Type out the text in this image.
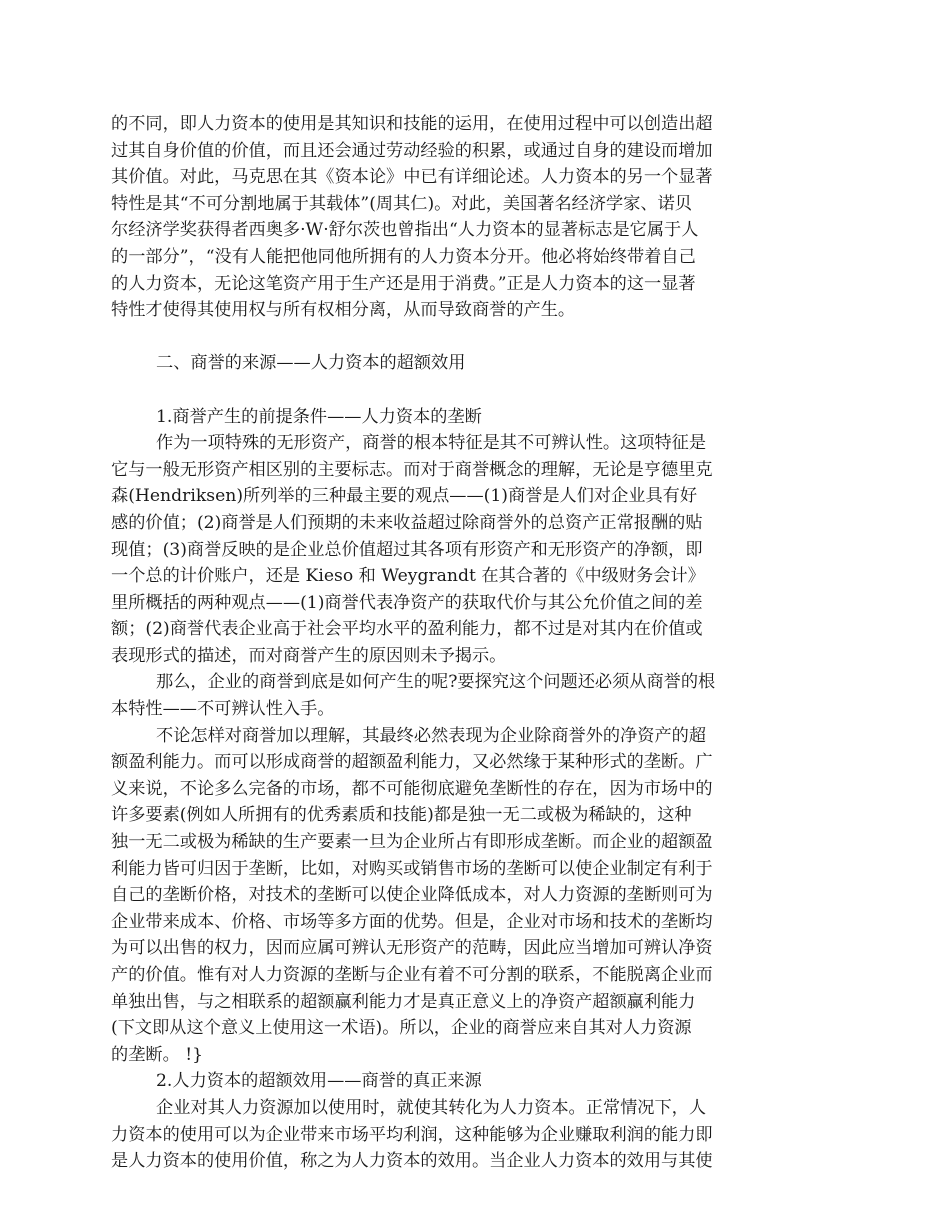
的不同，即人力资本的使用是其知识和技能的运用，在使用过程中可以创造出超
过其自身价值的价值，而且还会通过劳动经验的积累，或通过自身的建设而增加
其价值。对此，马克思在其《资本论》中已有详细论述。人力资本的另一个显著
特性是其“不可分割地属于其载体”(周其仁)。对此，美国著名经济学家、诺贝
尔经济学奖获得者西奥多·W·舒尔茨也曾指出“人力资本的显著标志是它属于人
的一部分”，“没有人能把他同他所拥有的人力资本分开。他必将始终带着自己
的人力资本，无论这笔资产用于生产还是用于消费。”正是人力资本的这一显著
特性才使得其使用权与所有权相分离，从而导致商誉的产生。
二、商誉的来源——人力资本的超额效用
1.商誉产生的前提条件——人力资本的垄断
作为一项特殊的无形资产，商誉的根本特征是其不可辨认性。这项特征是
它与一般无形资产相区别的主要标志。而对于商誉概念的理解，无论是亨德里克
森(Hendriksen)所列举的三种最主要的观点——(1)商誉是人们对企业具有好
感的价值；(2)商誉是人们预期的未来收益超过除商誉外的总资产正常报酬的贴
现值；(3)商誉反映的是企业总价值超过其各项有形资产和无形资产的净额，即
一个总的计价账户，还是 Kieso 和 Weygrandt 在其合著的《中级财务会计》
里所概括的两种观点——(1)商誉代表净资产的获取代价与其公允价值之间的差
额；(2)商誉代表企业高于社会平均水平的盈利能力，都不过是对其内在价值或
表现形式的描述，而对商誉产生的原因则未予揭示。
那么，企业的商誉到底是如何产生的呢?要探究这个问题还必须从商誉的根
本特性——不可辨认性入手。
不论怎样对商誉加以理解，其最终必然表现为企业除商誉外的净资产的超
额盈利能力。而可以形成商誉的超额盈利能力，又必然缘于某种形式的垄断。广
义来说，不论多么完备的市场，都不可能彻底避免垄断性的存在，因为市场中的
许多要素(例如人所拥有的优秀素质和技能)都是独一无二或极为稀缺的，这种
独一无二或极为稀缺的生产要素一旦为企业所占有即形成垄断。而企业的超额盈
利能力皆可归因于垄断，比如，对购买或销售市场的垄断可以使企业制定有利于
自己的垄断价格，对技术的垄断可以使企业降低成本，对人力资源的垄断则可为
企业带来成本、价格、市场等多方面的优势。但是，企业对市场和技术的垄断均
为可以出售的权力，因而应属可辨认无形资产的范畴，因此应当增加可辨认净资
产的价值。惟有对人力资源的垄断与企业有着不可分割的联系，不能脱离企业而
单独出售，与之相联系的超额赢利能力才是真正意义上的净资产超额赢利能力
(下文即从这个意义上使用这一术语)。所以，企业的商誉应来自其对人力资源
的垄断。 !}
2.人力资本的超额效用——商誉的真正来源
企业对其人力资源加以使用时，就使其转化为人力资本。正常情况下，人
力资本的使用可以为企业带来市场平均利润，这种能够为企业赚取利润的能力即
是人力资本的使用价值，称之为人力资本的效用。当企业人力资本的效用与其使
